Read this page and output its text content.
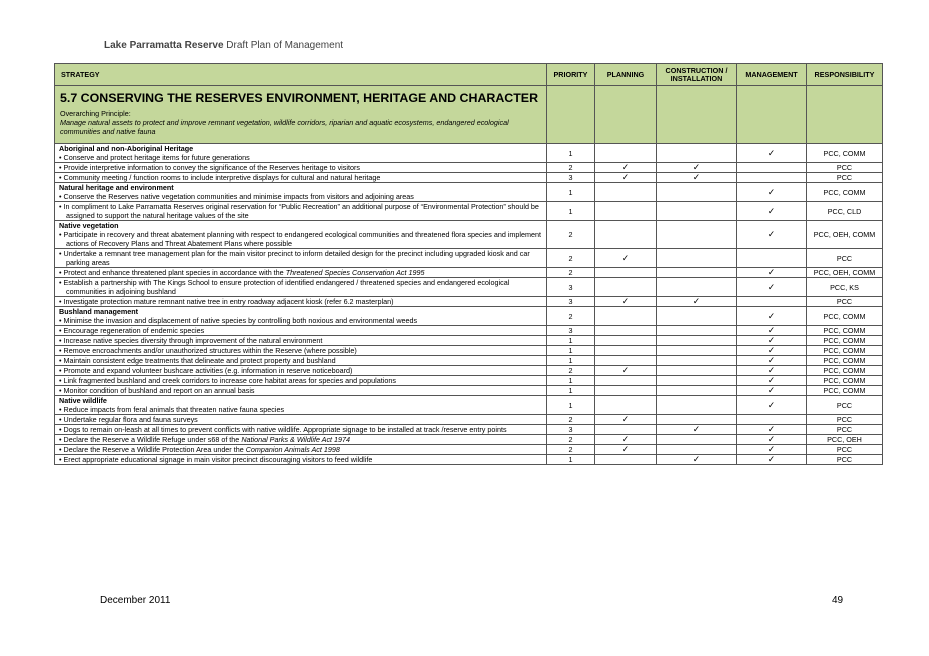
Lake Parramatta Reserve Draft Plan of Management
STRATEGY	PRIORITY	PLANNING	CONSTRUCTION /
INSTALLATION	MANAGEMENT	RESPONSIBILITY

5.7 CONSERVING THE RESERVES ENVIRONMENT, HERITAGE AND CHARACTER
Overarching Principle:
Manage natural assets to protect and improve remnant vegetation, wildlife corridors, riparian and aquatic ecosystems, endangered ecological communities and native fauna					

Aboriginal and non-Aboriginal Heritage
• Conserve and protect heritage items for future generations	1			✓	PCC, COMM

• Provide interpretive information to convey the significance of the Reserves heritage to visitors	2	✓	✓		PCC

• Community meeting / function rooms to include interpretive displays for cultural and natural heritage	3	✓	✓		PCC

Natural heritage and environment
• Conserve the Reserves native vegetation communities and minimise impacts from visitors and adjoining areas	1			✓	PCC, COMM

• In compliment to Lake Parramatta Reserves original reservation for “Public Recreation” an additional purpose of “Environmental Protection” should be assigned to support the natural heritage values of the site	1			✓	PCC, CLD

Native vegetation
• Participate in recovery and threat abatement planning with respect to endangered ecological communities and threatened flora species and implement actions of Recovery Plans and Threat Abatement Plans where possible	2			✓	PCC, OEH, COMM

• Undertake a remnant tree management plan for the main visitor precinct to inform detailed design for the precinct including upgraded kiosk and car parking areas	2	✓			PCC

• Protect and enhance threatened plant species in accordance with the Threatened Species Conservation Act 1995	2			✓	PCC, OEH, COMM

• Establish a partnership with The Kings School to ensure protection of identified endangered / threatened species and endangered ecological communities in adjoining bushland	3			✓	PCC, KS

• Investigate protection mature remnant native tree in entry roadway adjacent kiosk (refer 6.2 masterplan)	3	✓	✓		PCC

Bushland management
• Minimise the invasion and displacement of native species by controlling both noxious and environmental weeds	2			✓	PCC, COMM

• Encourage regeneration of endemic species	3			✓	PCC, COMM

• Increase native species diversity through improvement of the natural environment	1			✓	PCC, COMM

• Remove encroachments and/or unauthorized structures within the Reserve (where possible)	1			✓	PCC, COMM

• Maintain consistent edge treatments that delineate and protect property and bushland	1			✓	PCC, COMM

• Promote and expand volunteer bushcare activities (e.g. information in reserve noticeboard)	2	✓		✓	PCC, COMM

• Link fragmented bushland and creek corridors to increase core habitat areas for species and populations	1			✓	PCC, COMM

• Monitor condition of bushland and report on an annual basis	1			✓	PCC, COMM

Native wildlife
• Reduce impacts from feral animals that threaten native fauna species	1			✓	PCC

• Undertake regular flora and fauna surveys	2	✓			PCC

• Dogs to remain on-leash at all times to prevent conflicts with native wildlife. Appropriate signage to be installed at track /reserve entry points	3		✓	✓	PCC

• Declare the Reserve a Wildlife Refuge under s68 of the National Parks & Wildlife Act 1974	2	✓		✓	PCC, OEH

• Declare the Reserve a Wildlife Protection Area under the Companion Animals Act 1998	2	✓		✓	PCC

• Erect appropriate educational signage in main visitor precinct discouraging visitors to feed wildlife	1		✓	✓	PCC
December 2011	49
